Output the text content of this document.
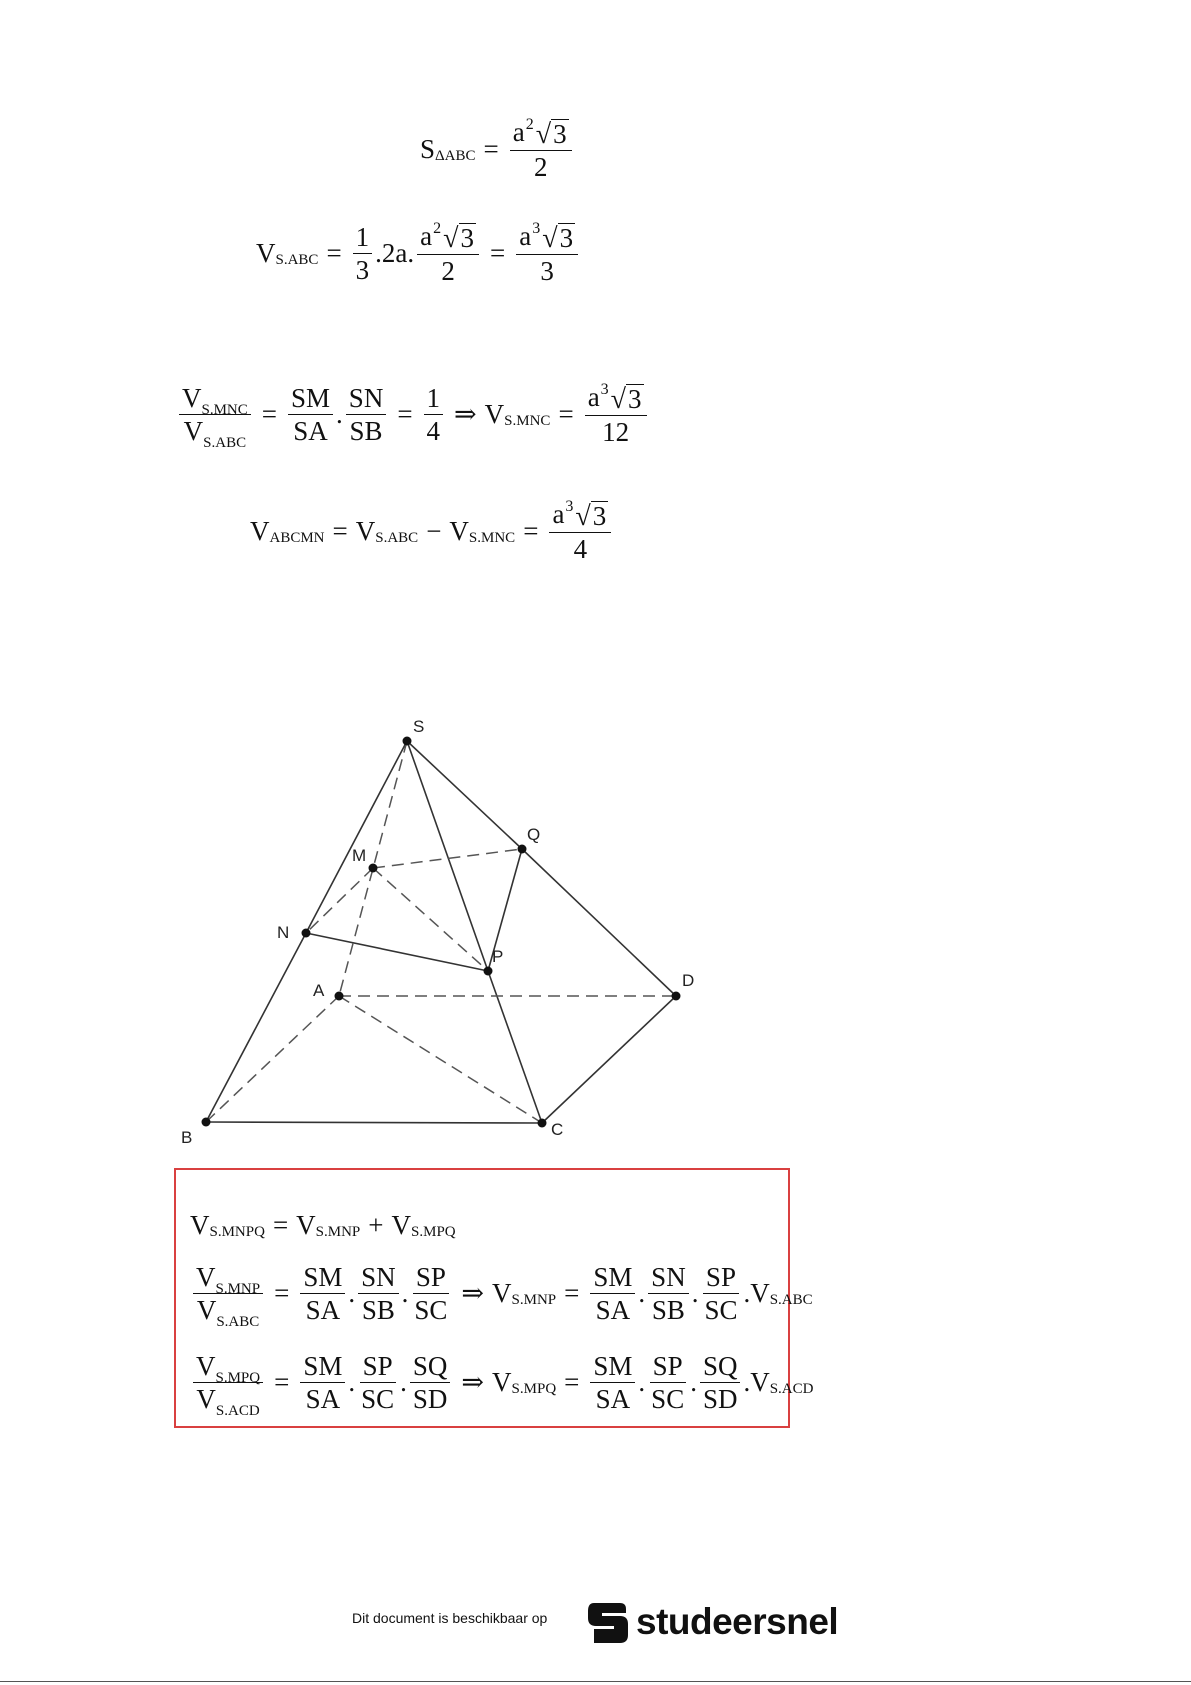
S $\Delta ABC = \frac{a^2 √ 3}{2}$
V $S.ABC = \frac{1}{3} .2a$. $\frac{a^2 √ 3}{2} = \frac{a^3 √ 3}{3}$
$\frac{V_{S.MNC}}{V_{S.ABC}} = \frac{SM}{SA}$ . $\frac{SN}{SB} = \frac{1}{4}$ ⇒ V $S.MNC = \frac{a^3 √ 3}{12}$
V ABCMN = V S.ABC − V $S.MNC = \frac{a^3 √ 3}{4}$
S
Q
M
N
P
A
D
B	C
V S.MNPQ = V S.MNP + V S.MPQ
$\frac{V_{S.MNP}}{V_{S.ABC}} = \frac{SM}{SA}$ . $\frac{SN}{SB}$ . $\frac{SP}{SC}$ ⇒ V $S.MNP = \frac{SM}{SA}$ . $\frac{SN}{SB}$ . $\frac{SP}{SC}$ . V S.ABC
$\frac{V_{S.MPQ}}{V_{S.ACD}} = \frac{SM}{SA}$ . $\frac{SP}{SC}$ . $\frac{SQ}{SD}$ ⇒ V $S.MPQ = \frac{SM}{SA}$ . $\frac{SP}{SC}$ . $\frac{SQ}{SD}$ . V S.ACD
Dit document is beschikbaar op studeersnel
